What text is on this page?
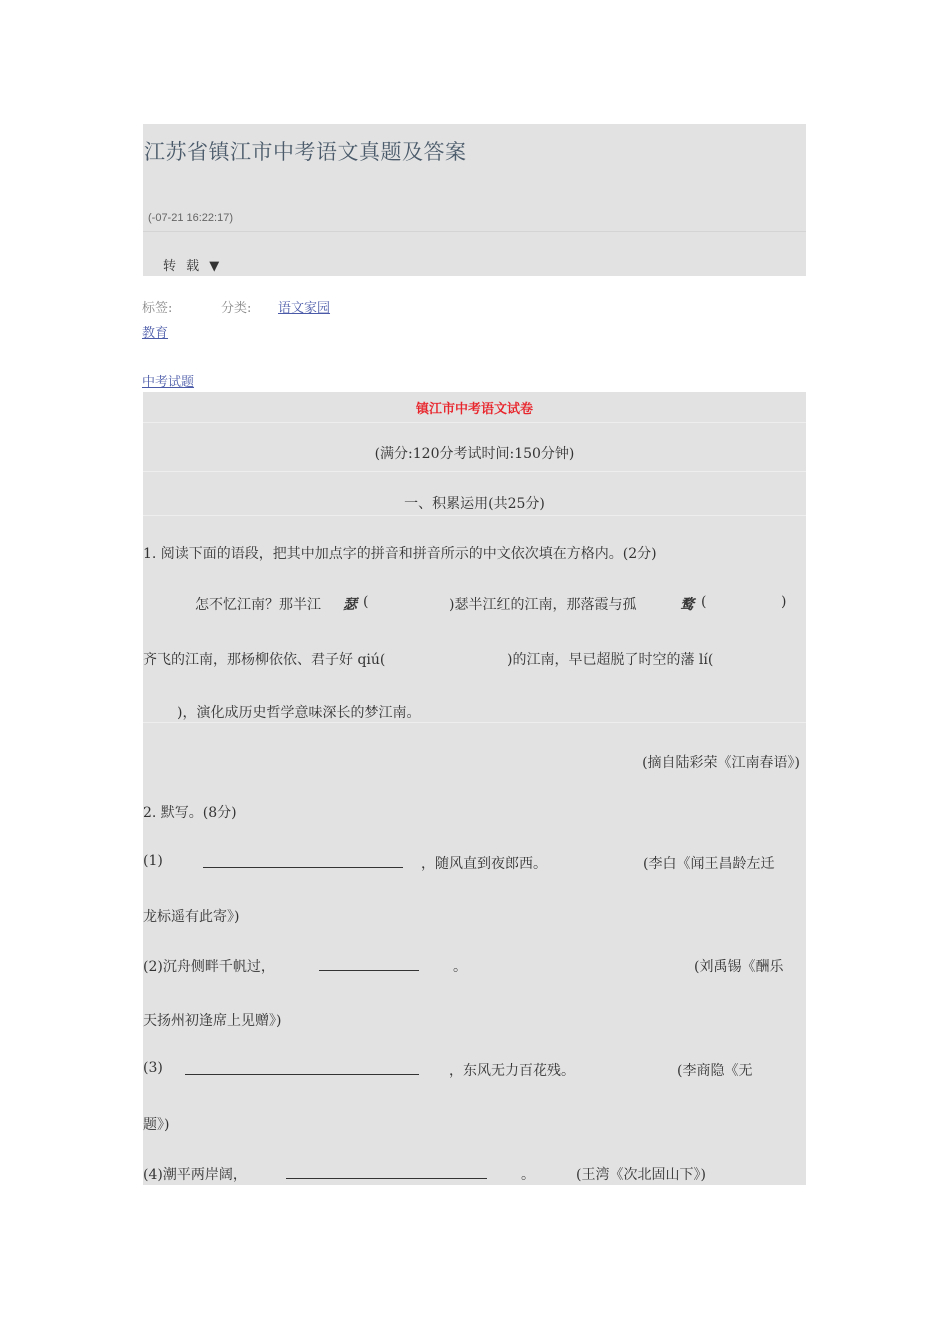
江苏省镇江市中考语文真题及答案
(-07-21 16:22:17)
转 载 ▼
标签:	分类: 语文家园
教育
中考试题
镇江市中考语文试卷
(满分:120分考试时间:150分钟)
一、积累运用(共25分)
1. 阅读下面的语段，把其中加点字的拼音和拼音所示的中文依次填在方格内。(2分)
怎不忆江南？那半江 瑟 (	)瑟半江红的江南，那落霞与孤	鹜 (	)
齐飞的江南，那杨柳依依、君子好 qiú(	)的江南，早已超脱了时空的藩 lí(
)，演化成历史哲学意味深长的梦江南。
(摘自陆彩荣《江南春语》)
2. 默写。(8分)
(1)	，随风直到夜郎西。	(李白《闻王昌龄左迁
龙标遥有此寄》)
(2)沉舟侧畔千帆过，	。	(刘禹锡《酬乐
天扬州初逢席上见赠》)
(3)	，东风无力百花残。	(李商隐《无
题》)
(4)潮平两岸阔，	。	(王湾《次北固山下》)
